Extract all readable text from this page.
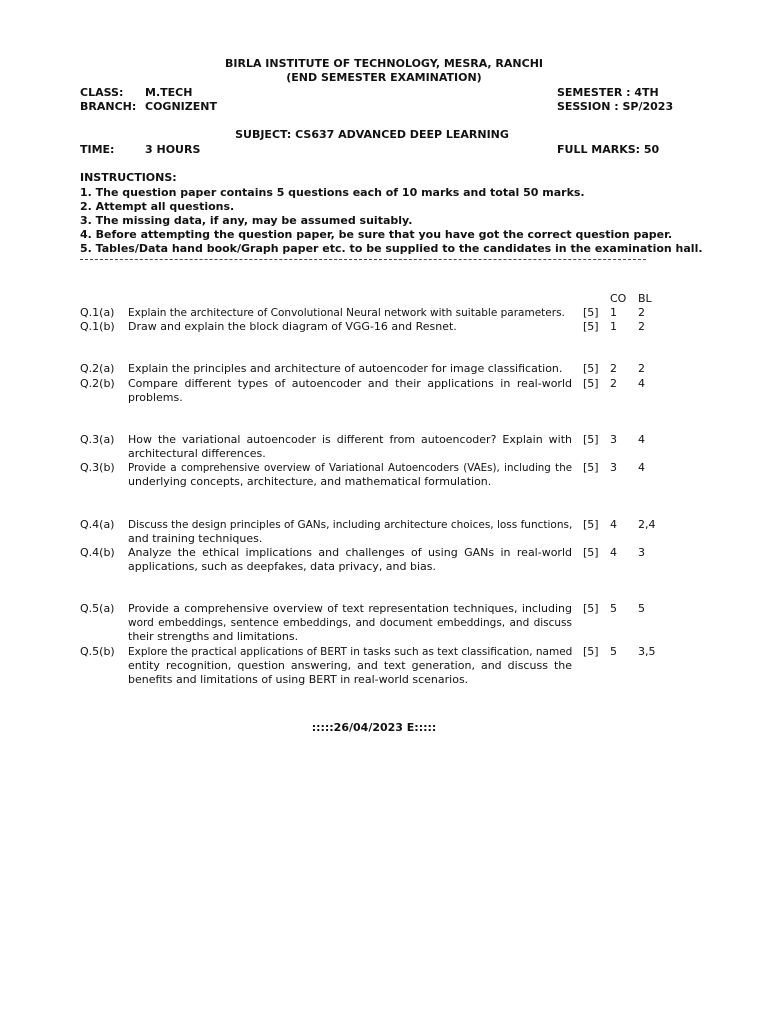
BIRLA INSTITUTE OF TECHNOLOGY, MESRA, RANCHI
(END SEMESTER EXAMINATION)
CLASS: M.TECH	SEMESTER : 4TH
BRANCH: COGNIZENT	SESSION : SP/2023
SUBJECT: CS637 ADVANCED DEEP LEARNING
TIME:	3 HOURS	FULL MARKS: 50
INSTRUCTIONS:
1. The question paper contains 5 questions each of 10 marks and total 50 marks.
2. Attempt all questions.
3. The missing data, if any, may be assumed suitably.
4. Before attempting the question paper, be sure that you have got the correct question paper.
5. Tables/Data hand book/Graph paper etc. to be supplied to the candidates in the examination hall.
CO BL
Q.1(a)	Explain the architecture of Convolutional Neural network with suitable parameters.	[5] 1 2
Q.1(b)	Draw and explain the block diagram of VGG-16 and Resnet.	[5] 1 2
Q.2(a)	Explain the principles and architecture of autoencoder for image classification.	[5] 2 2
Q.2(b)	Compare different types of autoencoder and their applications in real-world [5] 2 4
problems.
Q.3(a)	How the variational autoencoder is different from autoencoder? Explain with [5] 3 4
architectural differences.
Q.3(b)	Provide a comprehensive overview of Variational Autoencoders (VAEs), including the [5] 3 4
underlying concepts, architecture, and mathematical formulation.
Q.4(a)	Discuss the design principles of GANs, including architecture choices, loss functions, [5] 4 2,4
and training techniques.
Q.4(b)	Analyze the ethical implications and challenges of using GANs in real-world [5] 4 3
applications, such as deepfakes, data privacy, and bias.
Q.5(a)	Provide a comprehensive overview of text representation techniques, including [5] 5 5
word embeddings, sentence embeddings, and document embeddings, and discuss
their strengths and limitations.
Q.5(b)	Explore the practical applications of BERT in tasks such as text classification, named [5] 5 3,5
entity recognition, question answering, and text generation, and discuss the
benefits and limitations of using BERT in real-world scenarios.
:::::26/04/2023 E:::::
